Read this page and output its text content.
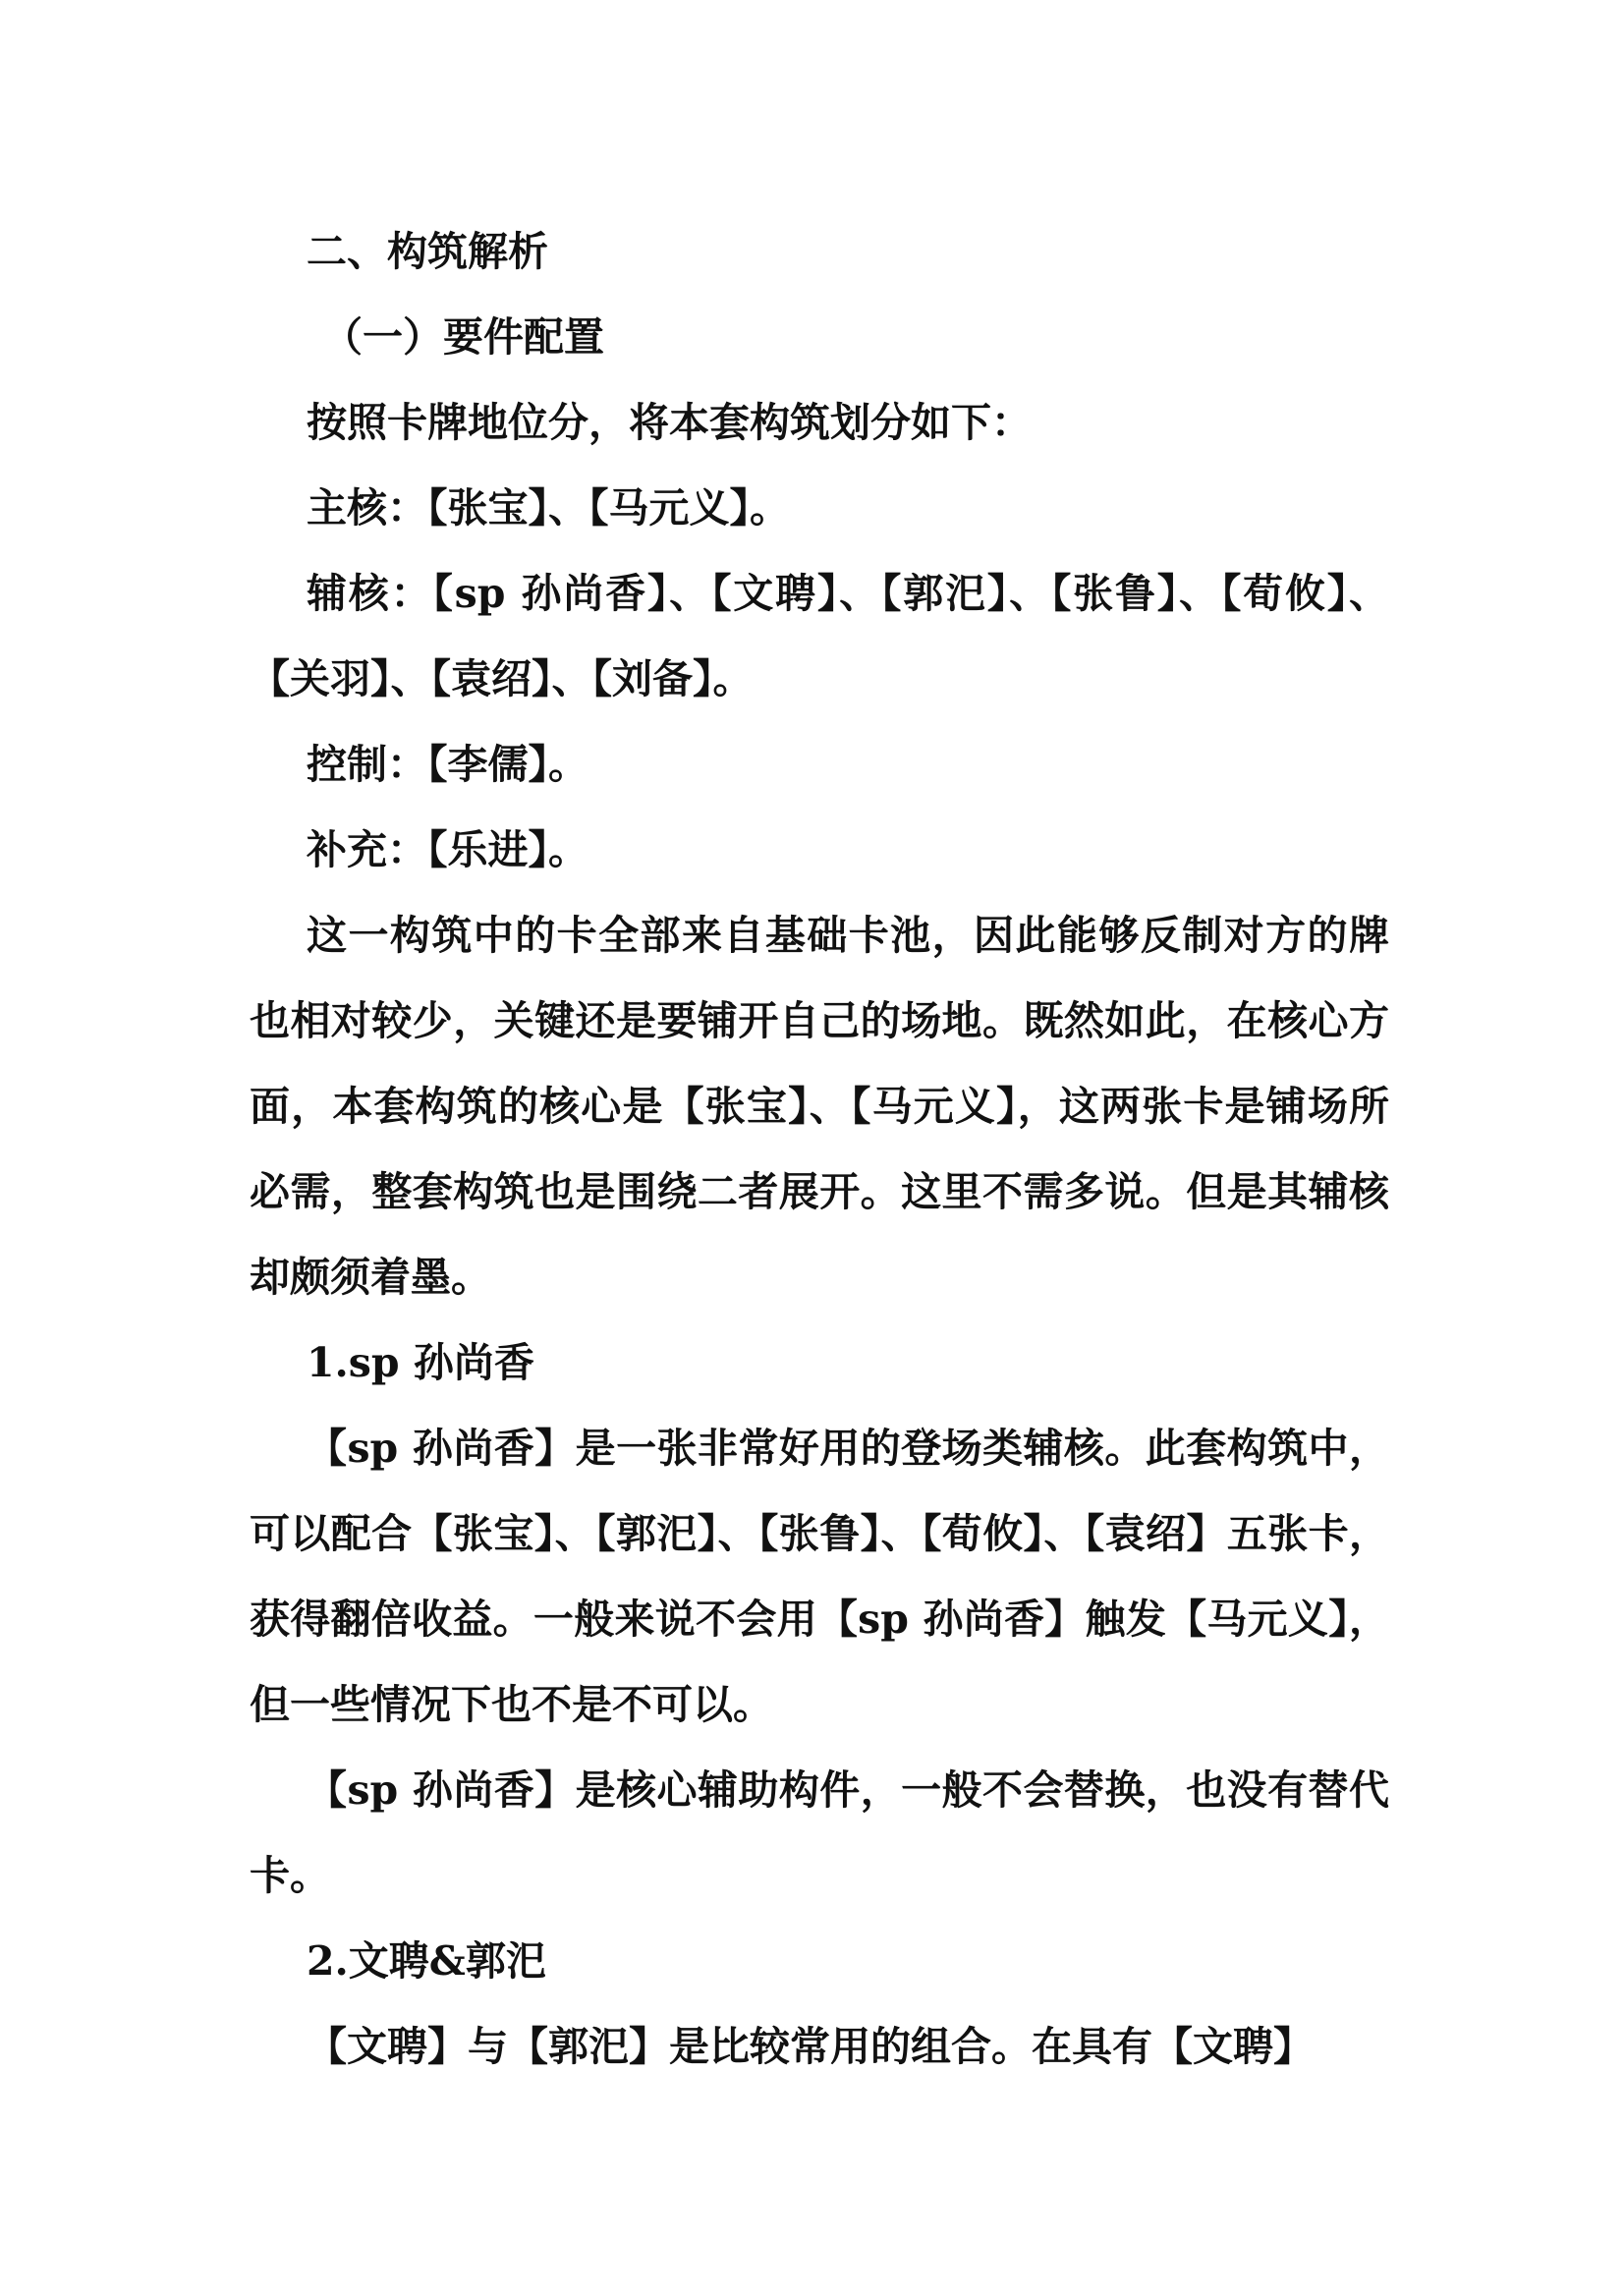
二、构筑解析

（一）要件配置

按照卡牌地位分，将本套构筑划分如下：

主核：【张宝】、【马元义】。

辅核：【sp 孙尚香】、【文聘】、【郭汜】、【张鲁】、【荀攸】、【关羽】、【袁绍】、【刘备】。

控制：【李儒】。

补充：【乐进】。

这一构筑中的卡全部来自基础卡池，因此能够反制对方的牌也相对较少，关键还是要铺开自己的场地。既然如此，在核心方面，本套构筑的核心是【张宝】、【马元义】，这两张卡是铺场所必需，整套构筑也是围绕二者展开。这里不需多说。但是其辅核却颇须着墨。

1.sp 孙尚香

【sp 孙尚香】是一张非常好用的登场类辅核。此套构筑中，可以配合【张宝】、【郭汜】、【张鲁】、【荀攸】、【袁绍】五张卡，获得翻倍收益。一般来说不会用【sp 孙尚香】触发【马元义】，但一些情况下也不是不可以。

【sp 孙尚香】是核心辅助构件，一般不会替换，也没有替代卡。

2.文聘&郭汜

【文聘】与【郭汜】是比较常用的组合。在具有【文聘】
